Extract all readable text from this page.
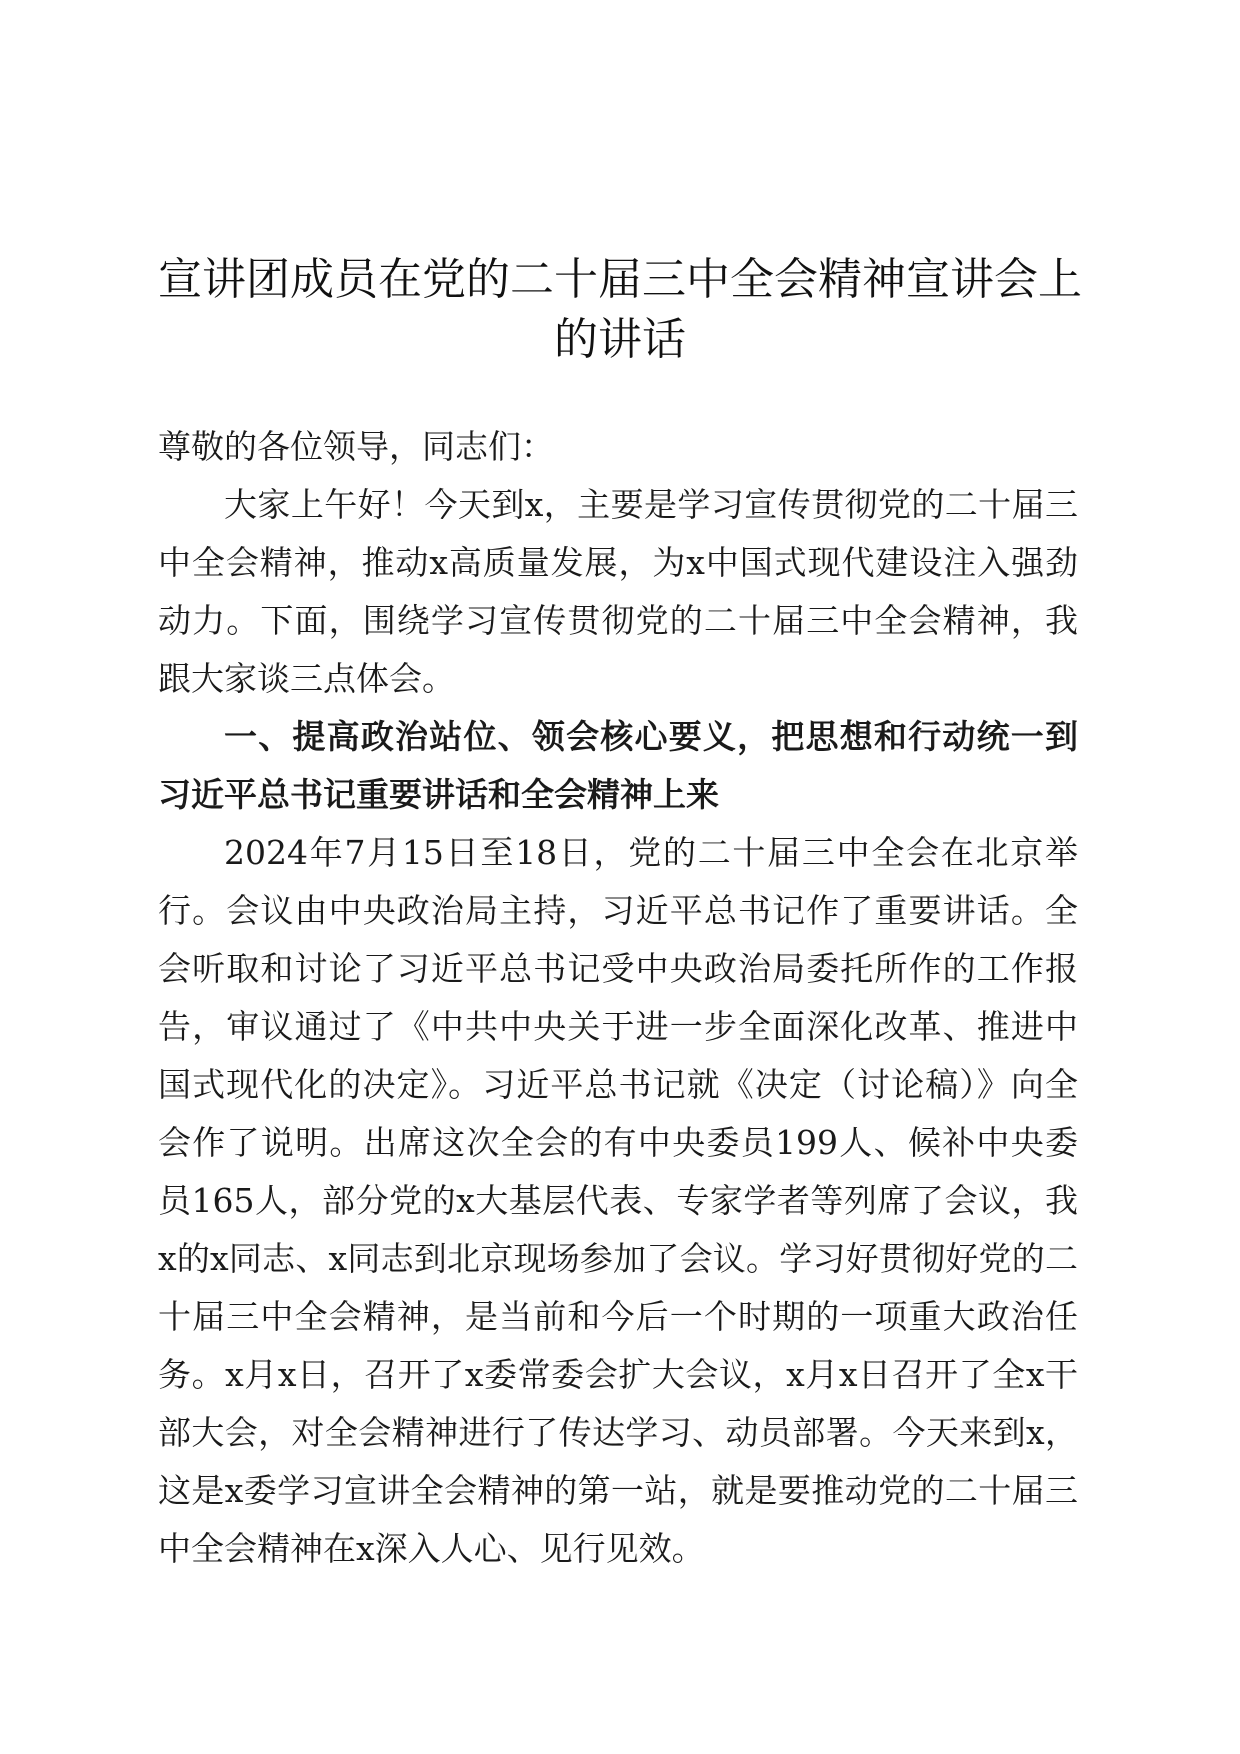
宣讲团成员在党的二十届三中全会精神宣讲会上的讲话

尊敬的各位领导，同志们：

大家上午好！今天到x，主要是学习宣传贯彻党的二十届三中全会精神，推动x高质量发展，为x中国式现代建设注入强劲动力。下面，围绕学习宣传贯彻党的二十届三中全会精神，我跟大家谈三点体会。

一、提高政治站位、领会核心要义，把思想和行动统一到习近平总书记重要讲话和全会精神上来

2024年7月15日至18日，党的二十届三中全会在北京举行。会议由中央政治局主持，习近平总书记作了重要讲话。全会听取和讨论了习近平总书记受中央政治局委托所作的工作报告，审议通过了《中共中央关于进一步全面深化改革、推进中国式现代化的决定》。习近平总书记就《决定（讨论稿）》向全会作了说明。出席这次全会的有中央委员199人、候补中央委员165人，部分党的x大基层代表、专家学者等列席了会议，我x的x同志、x同志到北京现场参加了会议。学习好贯彻好党的二十届三中全会精神，是当前和今后一个时期的一项重大政治任务。x月x日，召开了x委常委会扩大会议，x月x日召开了全x干部大会，对全会精神进行了传达学习、动员部署。今天来到x，这是x委学习宣讲全会精神的第一站，就是要推动党的二十届三中全会精神在x深入人心、见行见效。
